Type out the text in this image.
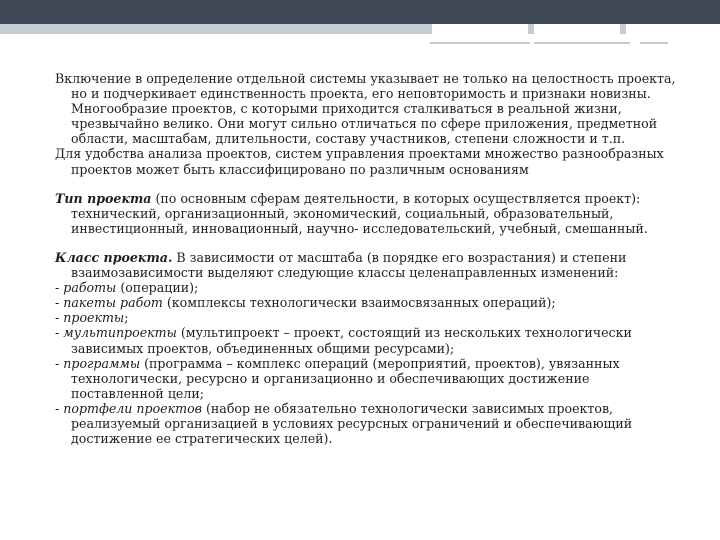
Включение в определение отдельной системы указывает не только на целостность проекта, но и подчеркивает единственность проекта, его неповторимость и признаки новизны. Многообразие проектов, с которыми приходится сталкиваться в реальной жизни, чрезвычайно велико. Они могут сильно отличаться по сфере приложения, предметной области, масштабам, длительности, составу участников, степени сложности и т.п.

Для удобства анализа проектов, систем управления проектами множество разнообразных проектов может быть классифицировано по различным основаниям

Тип проекта (по основным сферам деятельности, в которых осуществляется проект): технический, организационный, экономический, социальный, образовательный, инвестиционный, инновационный, научно- исследовательский, учебный, смешанный.

Класс проекта. В зависимости от масштаба (в порядке его возрастания) и степени взаимозависимости выделяют следующие классы целенаправленных изменений:

- работы (операции);

- пакеты работ (комплексы технологически взаимосвязанных операций);

- проекты;

- мультипроекты (мультипроект – проект, состоящий из нескольких технологически зависимых проектов, объединенных общими ресурсами);

- программы (программа – комплекс операций (мероприятий, проектов), увязанных технологически, ресурсно и организационно и обеспечивающих достижение поставленной цели;

- портфели проектов (набор не обязательно технологически зависимых проектов, реализуемый организацией в условиях ресурсных ограничений и обеспечивающий достижение ее стратегических целей).
